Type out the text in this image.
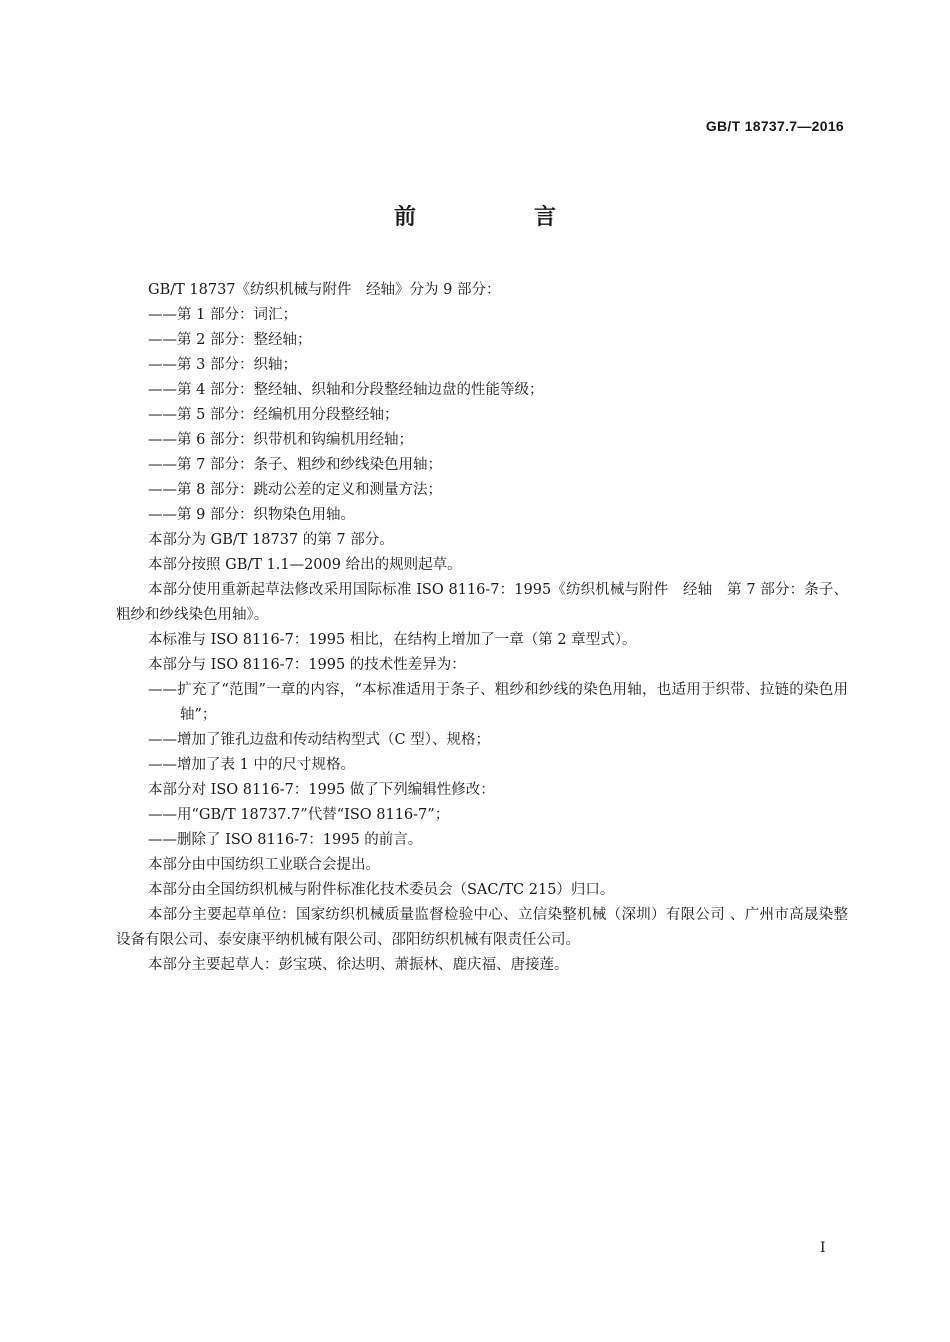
GB/T 18737.7—2016
前　言

GB/T 18737《纺织机械与附件　经轴》分为 9 部分：

——第 1 部分：词汇；

——第 2 部分：整经轴；

——第 3 部分：织轴；

——第 4 部分：整经轴、织轴和分段整经轴边盘的性能等级；

——第 5 部分：经编机用分段整经轴；

——第 6 部分：织带机和钩编机用经轴；

——第 7 部分：条子、粗纱和纱线染色用轴；

——第 8 部分：跳动公差的定义和测量方法；

——第 9 部分：织物染色用轴。

本部分为 GB/T 18737 的第 7 部分。

本部分按照 GB/T 1.1—2009 给出的规则起草。

本部分使用重新起草法修改采用国际标准 ISO 8116-7：1995《纺织机械与附件　经轴　第 7 部分：条子、粗纱和纱线染色用轴》。

本标准与 ISO 8116-7：1995 相比，在结构上增加了一章（第 2 章型式）。

本部分与 ISO 8116-7：1995 的技术性差异为：

——扩充了“范围”一章的内容，“本标准适用于条子、粗纱和纱线的染色用轴，也适用于织带、拉链的染色用轴”；

——增加了锥孔边盘和传动结构型式（C 型）、规格；

——增加了表 1 中的尺寸规格。

本部分对 ISO 8116-7：1995 做了下列编辑性修改：

——用“GB/T 18737.7”代替“ISO 8116-7”；

——删除了 ISO 8116-7：1995 的前言。

本部分由中国纺织工业联合会提出。

本部分由全国纺织机械与附件标准化技术委员会（SAC/TC 215）归口。

本部分主要起草单位：国家纺织机械质量监督检验中心、立信染整机械（深圳）有限公司 、广州市高晟染整设备有限公司、泰安康平纳机械有限公司、邵阳纺织机械有限责任公司。

本部分主要起草人：彭宝瑛、徐达明、萧振林、鹿庆福、唐接莲。

I
